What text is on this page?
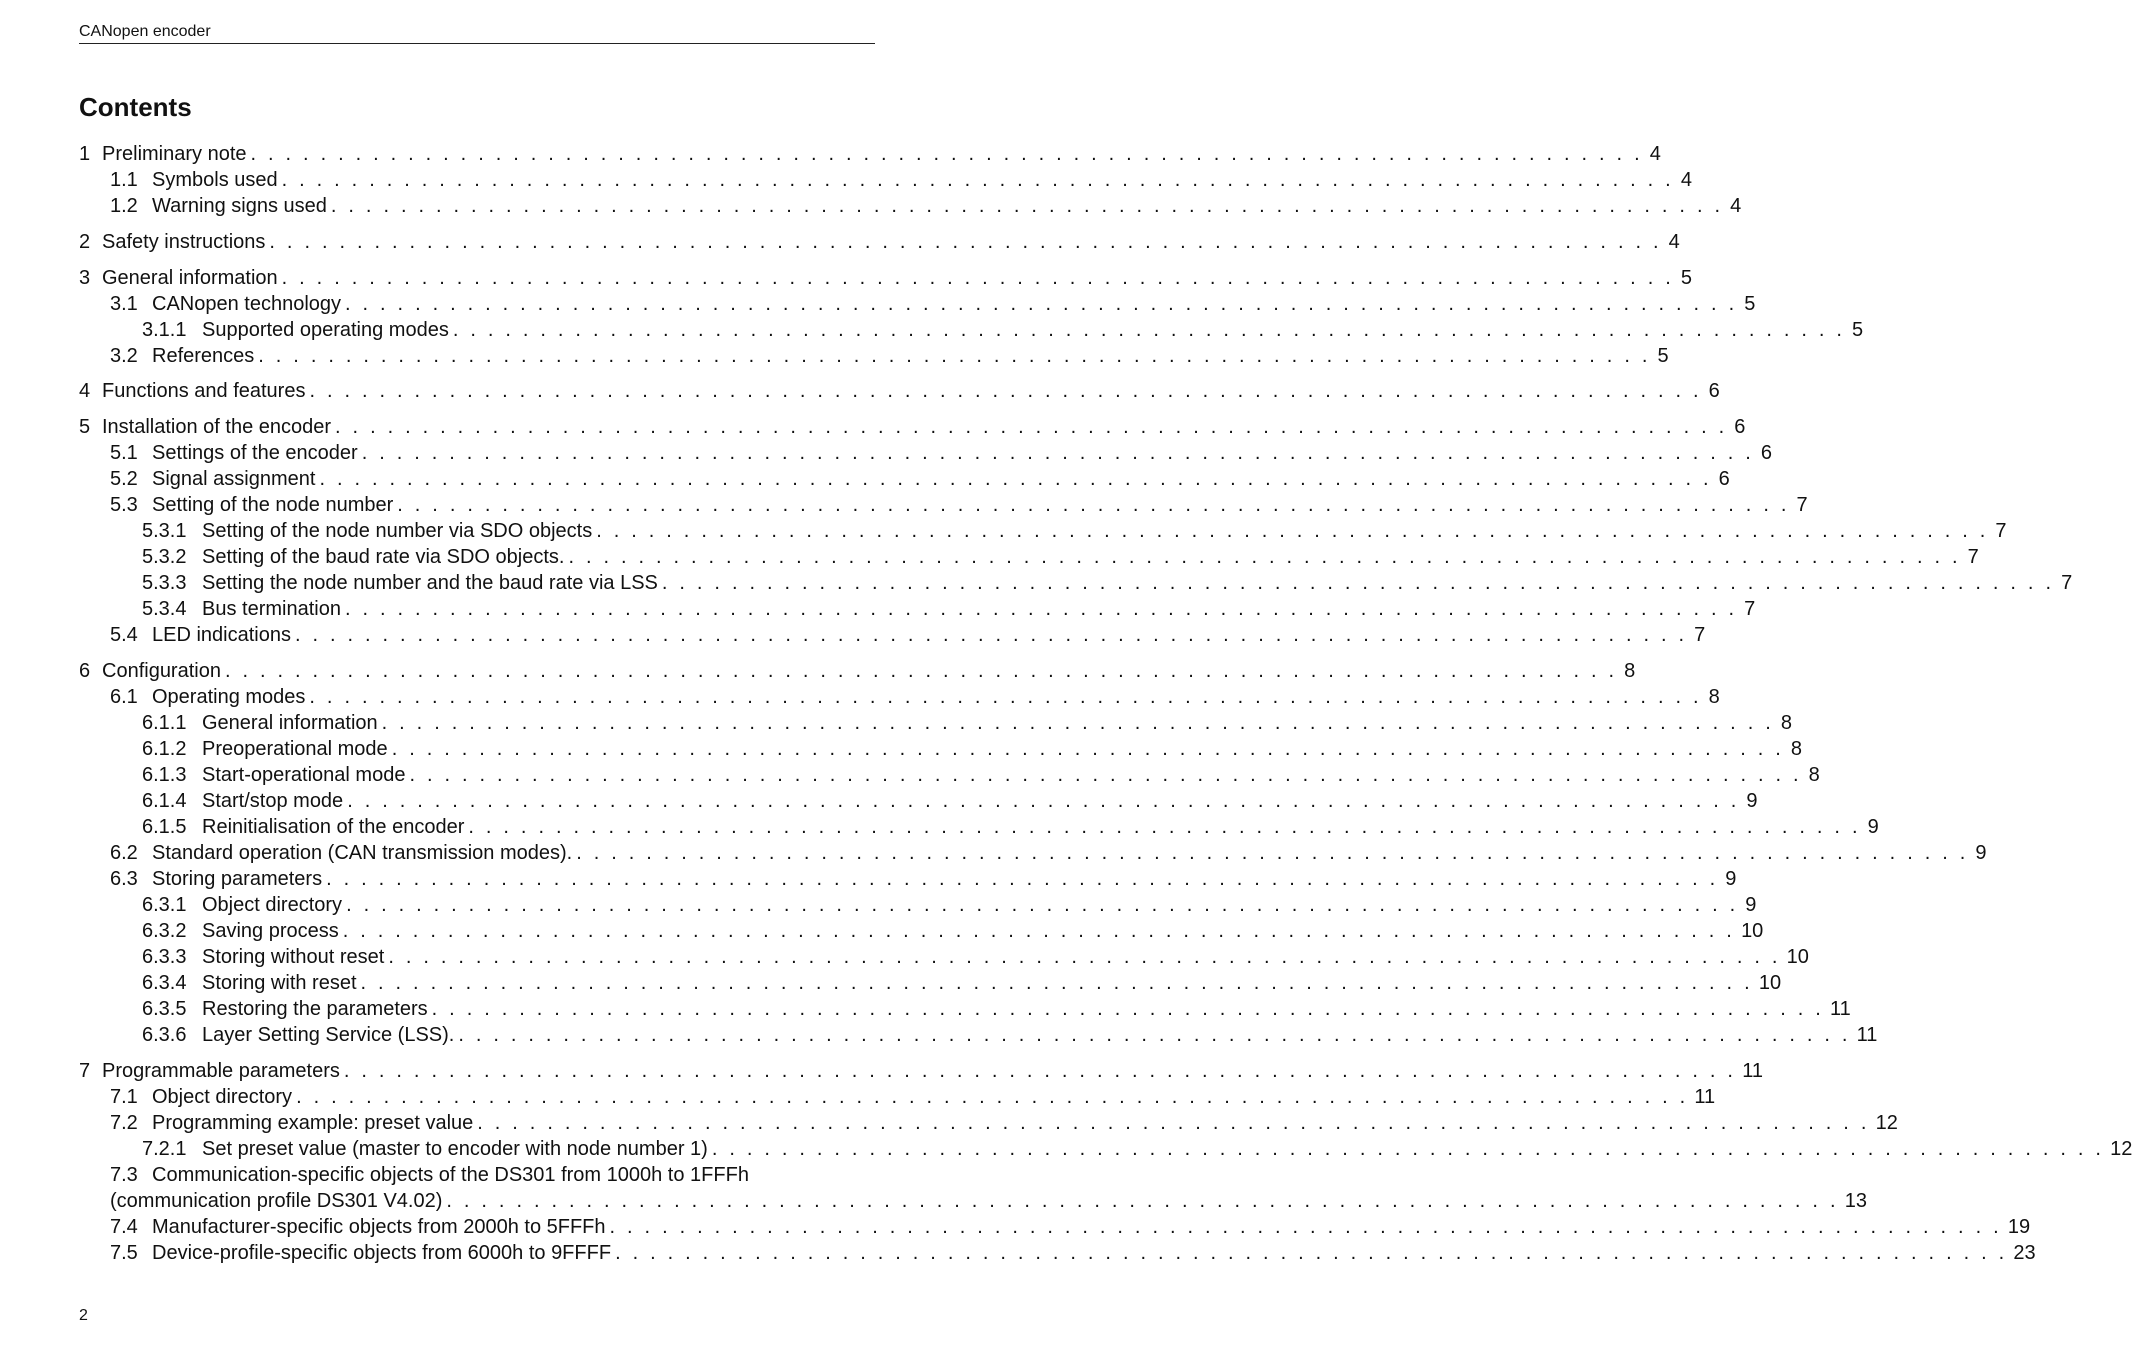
CANopen encoder
Contents
1 Preliminary note . . . . . . . . . . . . . . . . . . . . . . . . . . . . . . . . . . . . . . . . . . . . . . . . . . . . . . . . . . . . . . . . . . . . . . . . . . . . . . . . 4
1.1 Symbols used . . . . . . . . . . . . . . . . . . . . . . . . . . . . . . . . . . . . . . . . . . . . . . . . . . . . . . . . . . . . . . . . . . . . . . . . . . . . . . . . 4
1.2 Warning signs used . . . . . . . . . . . . . . . . . . . . . . . . . . . . . . . . . . . . . . . . . . . . . . . . . . . . . . . . . . . . . . . . . . . . . . . . . . . . . . . . 4
2 Safety instructions . . . . . . . . . . . . . . . . . . . . . . . . . . . . . . . . . . . . . . . . . . . . . . . . . . . . . . . . . . . . . . . . . . . . . . . . . . . . . . . . 4
3 General information . . . . . . . . . . . . . . . . . . . . . . . . . . . . . . . . . . . . . . . . . . . . . . . . . . . . . . . . . . . . . . . . . . . . . . . . . . . . . . . . 5
3.1 CANopen technology . . . . . . . . . . . . . . . . . . . . . . . . . . . . . . . . . . . . . . . . . . . . . . . . . . . . . . . . . . . . . . . . . . . . . . . . . . . . . . . . 5
3.1.1 Supported operating modes . . . . . . . . . . . . . . . . . . . . . . . . . . . . . . . . . . . . . . . . . . . . . . . . . . . . . . . . . . . . . . . . . . . . . . . . . . . . . . . . 5
3.2 References . . . . . . . . . . . . . . . . . . . . . . . . . . . . . . . . . . . . . . . . . . . . . . . . . . . . . . . . . . . . . . . . . . . . . . . . . . . . . . . . 5
4 Functions and features . . . . . . . . . . . . . . . . . . . . . . . . . . . . . . . . . . . . . . . . . . . . . . . . . . . . . . . . . . . . . . . . . . . . . . . . . . . . . . . . 6
5 Installation of the encoder . . . . . . . . . . . . . . . . . . . . . . . . . . . . . . . . . . . . . . . . . . . . . . . . . . . . . . . . . . . . . . . . . . . . . . . . . . . . . . . . 6
5.1 Settings of the encoder . . . . . . . . . . . . . . . . . . . . . . . . . . . . . . . . . . . . . . . . . . . . . . . . . . . . . . . . . . . . . . . . . . . . . . . . . . . . . . . . 6
5.2 Signal assignment . . . . . . . . . . . . . . . . . . . . . . . . . . . . . . . . . . . . . . . . . . . . . . . . . . . . . . . . . . . . . . . . . . . . . . . . . . . . . . . . 6
5.3 Setting of the node number . . . . . . . . . . . . . . . . . . . . . . . . . . . . . . . . . . . . . . . . . . . . . . . . . . . . . . . . . . . . . . . . . . . . . . . . . . . . . . . . 7
5.3.1 Setting of the node number via SDO objects . . . . . . . . . . . . . . . . . . . . . . . . . . . . . . . . . . . . . . . . . . . . . . . . . . . . . . . . . . . . . . . . . . . . . . . . . . . . . . . . 7
5.3.2 Setting of the baud rate via SDO objects. . . . . . . . . . . . . . . . . . . . . . . . . . . . . . . . . . . . . . . . . . . . . . . . . . . . . . . . . . . . . . . . . . . . . . . . . . . . . . . . . 7
5.3.3 Setting the node number and the baud rate via LSS . . . . . . . . . . . . . . . . . . . . . . . . . . . . . . . . . . . . . . . . . . . . . . . . . . . . . . . . . . . . . . . . . . . . . . . . . . . . . . . . 7
5.3.4 Bus termination . . . . . . . . . . . . . . . . . . . . . . . . . . . . . . . . . . . . . . . . . . . . . . . . . . . . . . . . . . . . . . . . . . . . . . . . . . . . . . . . 7
5.4 LED indications . . . . . . . . . . . . . . . . . . . . . . . . . . . . . . . . . . . . . . . . . . . . . . . . . . . . . . . . . . . . . . . . . . . . . . . . . . . . . . . . 7
6 Configuration . . . . . . . . . . . . . . . . . . . . . . . . . . . . . . . . . . . . . . . . . . . . . . . . . . . . . . . . . . . . . . . . . . . . . . . . . . . . . . . . 8
6.1 Operating modes . . . . . . . . . . . . . . . . . . . . . . . . . . . . . . . . . . . . . . . . . . . . . . . . . . . . . . . . . . . . . . . . . . . . . . . . . . . . . . . . 8
6.1.1 General information . . . . . . . . . . . . . . . . . . . . . . . . . . . . . . . . . . . . . . . . . . . . . . . . . . . . . . . . . . . . . . . . . . . . . . . . . . . . . . . . 8
6.1.2 Preoperational mode . . . . . . . . . . . . . . . . . . . . . . . . . . . . . . . . . . . . . . . . . . . . . . . . . . . . . . . . . . . . . . . . . . . . . . . . . . . . . . . . 8
6.1.3 Start-operational mode . . . . . . . . . . . . . . . . . . . . . . . . . . . . . . . . . . . . . . . . . . . . . . . . . . . . . . . . . . . . . . . . . . . . . . . . . . . . . . . . 8
6.1.4 Start/stop mode . . . . . . . . . . . . . . . . . . . . . . . . . . . . . . . . . . . . . . . . . . . . . . . . . . . . . . . . . . . . . . . . . . . . . . . . . . . . . . . . 9
6.1.5 Reinitialisation of the encoder . . . . . . . . . . . . . . . . . . . . . . . . . . . . . . . . . . . . . . . . . . . . . . . . . . . . . . . . . . . . . . . . . . . . . . . . . . . . . . . . 9
6.2 Standard operation (CAN transmission modes). . . . . . . . . . . . . . . . . . . . . . . . . . . . . . . . . . . . . . . . . . . . . . . . . . . . . . . . . . . . . . . . . . . . . . . . . . . . . . . . . 9
6.3 Storing parameters . . . . . . . . . . . . . . . . . . . . . . . . . . . . . . . . . . . . . . . . . . . . . . . . . . . . . . . . . . . . . . . . . . . . . . . . . . . . . . . . 9
6.3.1 Object directory . . . . . . . . . . . . . . . . . . . . . . . . . . . . . . . . . . . . . . . . . . . . . . . . . . . . . . . . . . . . . . . . . . . . . . . . . . . . . . . . 9
6.3.2 Saving process . . . . . . . . . . . . . . . . . . . . . . . . . . . . . . . . . . . . . . . . . . . . . . . . . . . . . . . . . . . . . . . . . . . . . . . . . . . . . . . . 10
6.3.3 Storing without reset . . . . . . . . . . . . . . . . . . . . . . . . . . . . . . . . . . . . . . . . . . . . . . . . . . . . . . . . . . . . . . . . . . . . . . . . . . . . . . . . 10
6.3.4 Storing with reset . . . . . . . . . . . . . . . . . . . . . . . . . . . . . . . . . . . . . . . . . . . . . . . . . . . . . . . . . . . . . . . . . . . . . . . . . . . . . . . . 10
6.3.5 Restoring the parameters . . . . . . . . . . . . . . . . . . . . . . . . . . . . . . . . . . . . . . . . . . . . . . . . . . . . . . . . . . . . . . . . . . . . . . . . . . . . . . . . 11
6.3.6 Layer Setting Service (LSS). . . . . . . . . . . . . . . . . . . . . . . . . . . . . . . . . . . . . . . . . . . . . . . . . . . . . . . . . . . . . . . . . . . . . . . . . . . . . . . . . 11
7 Programmable parameters . . . . . . . . . . . . . . . . . . . . . . . . . . . . . . . . . . . . . . . . . . . . . . . . . . . . . . . . . . . . . . . . . . . . . . . . . . . . . . . . 11
7.1 Object directory . . . . . . . . . . . . . . . . . . . . . . . . . . . . . . . . . . . . . . . . . . . . . . . . . . . . . . . . . . . . . . . . . . . . . . . . . . . . . . . . 11
7.2 Programming example: preset value . . . . . . . . . . . . . . . . . . . . . . . . . . . . . . . . . . . . . . . . . . . . . . . . . . . . . . . . . . . . . . . . . . . . . . . . . . . . . . . . 12
7.2.1 Set preset value (master to encoder with node number 1) . . . . . . . . . . . . . . . . . . . . . . . . . . . . . . . . . . . . . . . . . . . . . . . . . . . . . . . . . . . . . . . . . . . . . . . . . . . . . . . . 12
7.3 Communication-specific objects of the DS301 from 1000h to 1FFFh
(communication profile DS301 V4.02) . . . . . . . . . . . . . . . . . . . . . . . . . . . . . . . . . . . . . . . . . . . . . . . . . . . . . . . . . . . . . . . . . . . . . . . . . . . . . . . . 13
7.4 Manufacturer-specific objects from 2000h to 5FFFh . . . . . . . . . . . . . . . . . . . . . . . . . . . . . . . . . . . . . . . . . . . . . . . . . . . . . . . . . . . . . . . . . . . . . . . . . . . . . . . . 19
7.5 Device-profile-specific objects from 6000h to 9FFFF . . . . . . . . . . . . . . . . . . . . . . . . . . . . . . . . . . . . . . . . . . . . . . . . . . . . . . . . . . . . . . . . . . . . . . . . . . . . . . . . 23
2
